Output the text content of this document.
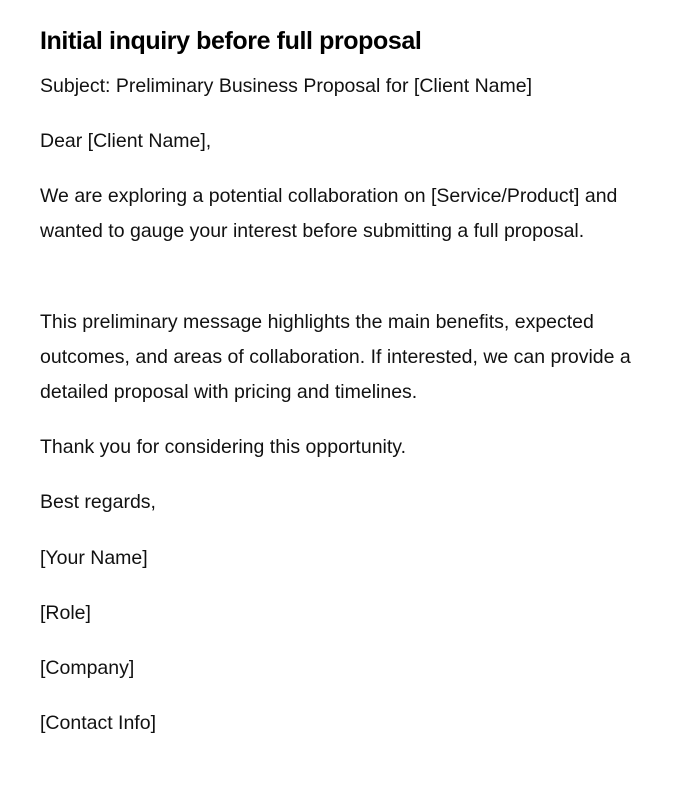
Initial inquiry before full proposal

Subject: Preliminary Business Proposal for [Client Name]

Dear [Client Name],

We are exploring a potential collaboration on [Service/Product] and wanted to gauge your interest before submitting a full proposal.

This preliminary message highlights the main benefits, expected outcomes, and areas of collaboration. If interested, we can provide a detailed proposal with pricing and timelines.

Thank you for considering this opportunity.

Best regards,

[Your Name]

[Role]

[Company]

[Contact Info]
